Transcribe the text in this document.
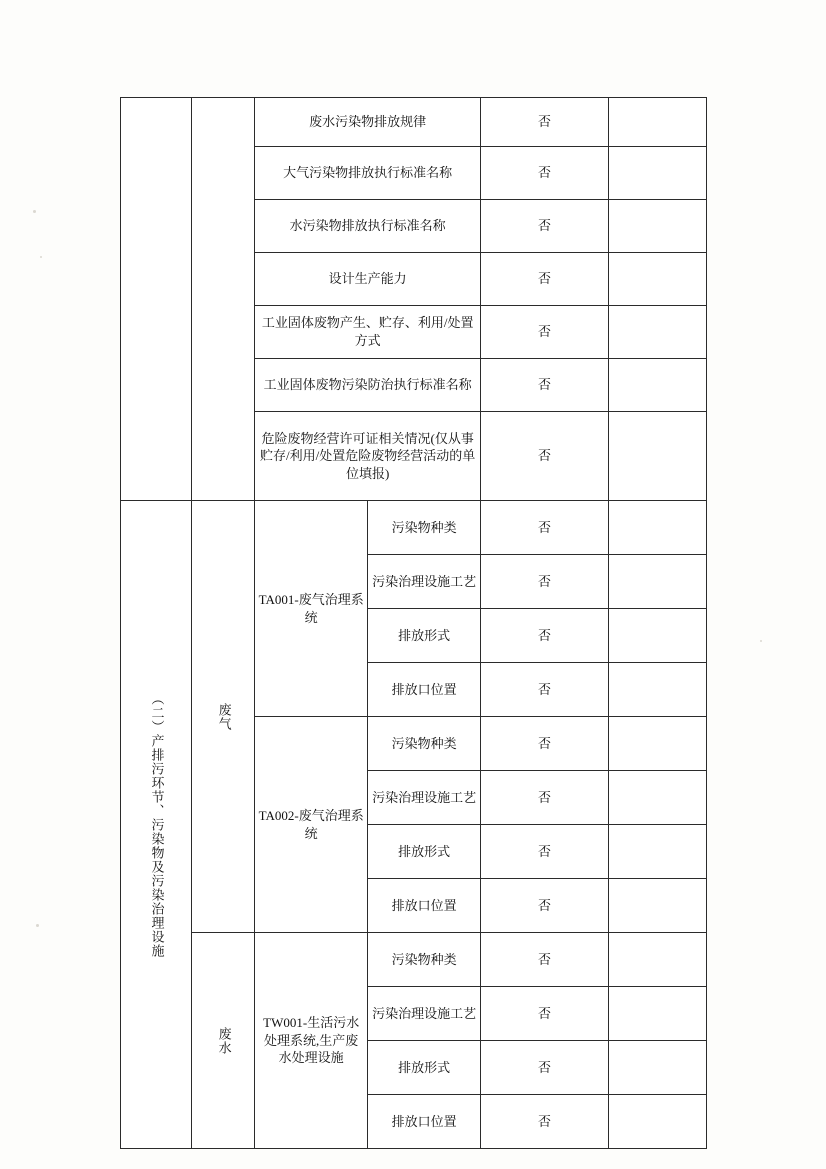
		废水污染物排放规律		否	
		大气污染物排放执行标准名称		否	
		水污染物排放执行标准名称		否	
		设计生产能力		否	
		工业固体废物产生、贮存、利用/处置方式		否	
		工业固体废物污染防治执行标准名称		否	
		危险废物经营许可证相关情况(仅从事贮存/利用/处置危险废物经营活动的单位填报)		否	

（二）产排污环节、污染物及污染治理设施	废气	TA001-废气治理系统	污染物种类	否	
			污染治理设施工艺	否	
			排放形式	否	
			排放口位置	否	
		TA002-废气治理系统	污染物种类	否	
			污染治理设施工艺	否	
			排放形式	否	
			排放口位置	否	

	废水	TW001-生活污水处理系统,生产废水处理设施	污染物种类	否	
			污染治理设施工艺	否	
			排放形式	否	
			排放口位置	否	
